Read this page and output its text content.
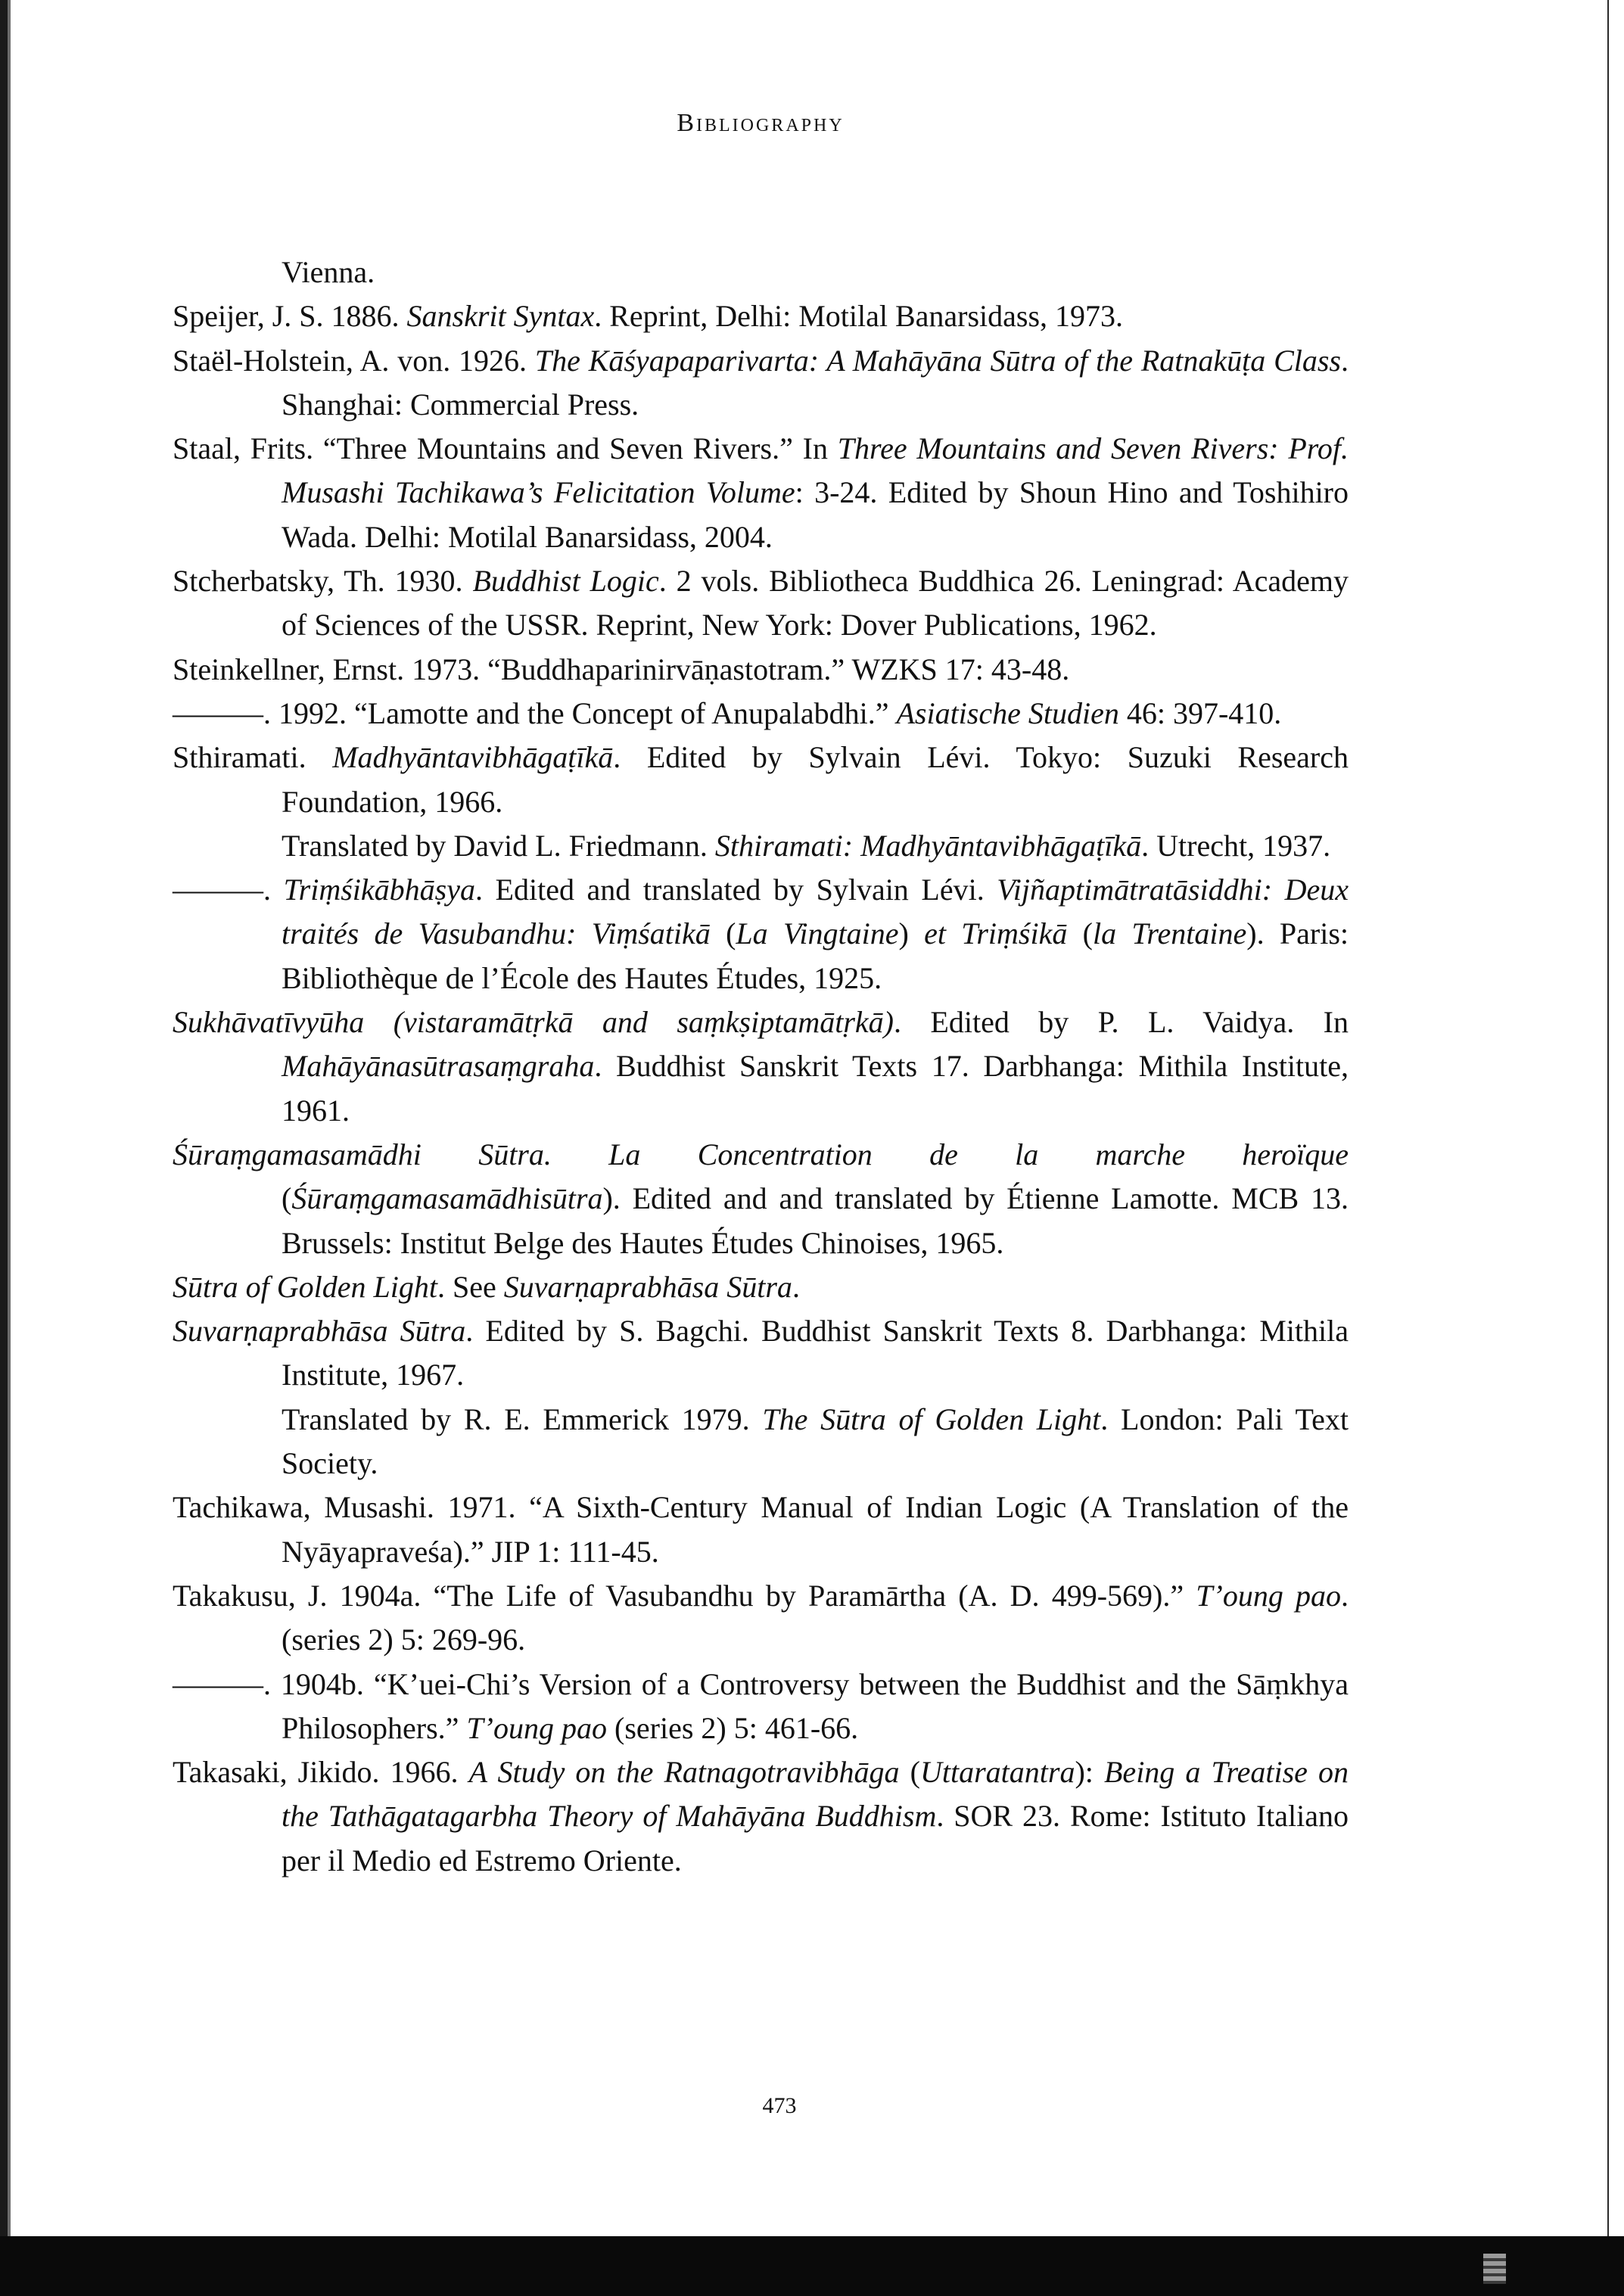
Bibliography

Vienna.

Speijer, J. S. 1886. Sanskrit Syntax. Reprint, Delhi: Motilal Banarsidass, 1973.

Staël-Holstein, A. von. 1926. The Kāśyapaparivarta: A Mahāyāna Sūtra of the Ratnakūṭa Class. Shanghai: Commercial Press.

Staal, Frits. “Three Mountains and Seven Rivers.” In Three Mountains and Seven Rivers: Prof. Musashi Tachikawa’s Felicitation Volume: 3-24. Edited by Shoun Hino and Toshihiro Wada. Delhi: Motilal Banarsidass, 2004.

Stcherbatsky, Th. 1930. Buddhist Logic. 2 vols. Bibliotheca Buddhica 26. Leningrad: Academy of Sciences of the USSR. Reprint, New York: Dover Publications, 1962.

Steinkellner, Ernst. 1973. “Buddhaparinirvāṇastotram.” WZKS 17: 43-48.

———. 1992. “Lamotte and the Concept of Anupalabdhi.” Asiatische Studien 46: 397-410.

Sthiramati. Madhyāntavibhāgaṭīkā. Edited by Sylvain Lévi. Tokyo: Suzuki Research Foundation, 1966.

Translated by David L. Friedmann. Sthiramati: Madhyāntavibhāgaṭīkā. Utrecht, 1937.

———. Triṃśikābhāṣya. Edited and translated by Sylvain Lévi. Vijñaptimātratāsiddhi: Deux traités de Vasubandhu: Viṃśatikā (La Vingtaine) et Triṃśikā (la Trentaine). Paris: Bibliothèque de l’École des Hautes Études, 1925.

Sukhāvatīvyūha (vistaramātṛkā and saṃkṣiptamātṛkā). Edited by P. L. Vaidya. In Mahāyānasūtrasaṃgraha. Buddhist Sanskrit Texts 17. Darbhanga: Mithila Institute, 1961.

Śūraṃgamasamādhi Sūtra. La Concentration de la marche heroïque (Śūraṃgamasamādhisūtra). Edited and and translated by Étienne Lamotte. MCB 13. Brussels: Institut Belge des Hautes Études Chinoises, 1965.

Sūtra of Golden Light. See Suvarṇaprabhāsa Sūtra.

Suvarṇaprabhāsa Sūtra. Edited by S. Bagchi. Buddhist Sanskrit Texts 8. Darbhanga: Mithila Institute, 1967.

Translated by R. E. Emmerick 1979. The Sūtra of Golden Light. London: Pali Text Society.

Tachikawa, Musashi. 1971. “A Sixth-Century Manual of Indian Logic (A Translation of the Nyāyapraveśa).” JIP 1: 111-45.

Takakusu, J. 1904a. “The Life of Vasubandhu by Paramārtha (A. D. 499-569).” T’oung pao. (series 2) 5: 269-96.

———. 1904b. “K’uei-Chi’s Version of a Controversy between the Buddhist and the Sāṃkhya Philosophers.” T’oung pao (series 2) 5: 461-66.

Takasaki, Jikido. 1966. A Study on the Ratnagotravibhāga (Uttaratantra): Being a Treatise on the Tathāgatagarbha Theory of Mahāyāna Buddhism. SOR 23. Rome: Istituto Italiano per il Medio ed Estremo Oriente.

473
